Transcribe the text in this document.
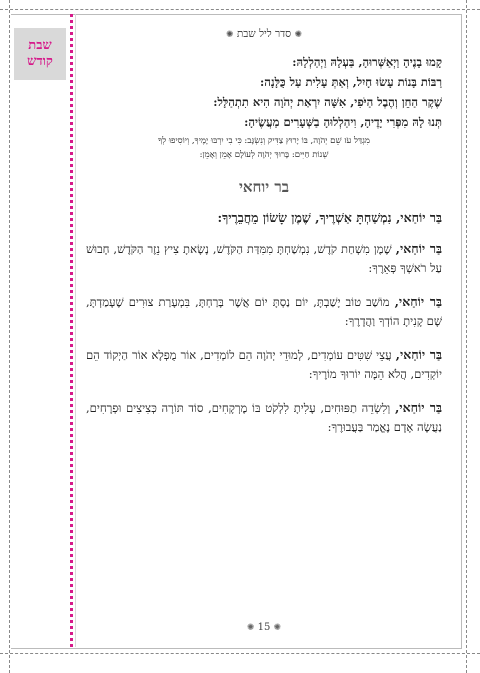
שבת
קודש
✺ סדר ליל שבת ✺

קָמוּ בָנֶיהָ וַיְאַשְּׁרוּהָ, בַּעְלָהּ וַיְהַלְלָהּ:

רַבּוֹת בָּנוֹת עָשׂוּ חָיִל, וְאַתְּ עָלִית עַל כֻּלָּנָה:

שֶׁקֶר הַחֵן וְהֶבֶל הַיֹּפִי, אִשָּׁה יִרְאַת יְהֹוָה הִיא תִתְהַלָּל:

תְּנוּ לָהּ מִפְּרִי יָדֶיהָ, וִיהַלְלוּהָ בַשְּׁעָרִים מַעֲשֶׂיהָ:

מִגְדַּל עֹז שֵׁם יְהֹוָה, בּוֹ יָרוּץ צַדִּיק וְנִשְׂגָּב: כִּי בִי יִרְבּוּ יָמֶיךָ, וְיוֹסִיפוּ לְךָ
שְׁנוֹת חַיִּים: בָּרוּךְ יְהֹוָה לְעוֹלָם אָמֵן וְאָמֵן:

בר יוחאי
בַּר יוֹחַאי, נִמְשַׁחְתָּ אַשְׁרֶיךָ, שֶׁמֶן שָׂשׂוֹן מֵחֲבֵרֶיךָ:

בַּר יוֹחַאי, שֶׁמֶן מִשְׁחַת קֹדֶשׁ, נִמְשַׁחְתָּ מִמִּדַּת הַקֹּדֶשׁ, נָשָׂאתָ צִיץ נֵזֶר הַקֹּדֶשׁ, חָבוּשׁ עַל רֹאשְׁךָ פְּאֵרֶךָ:

בַּר יוֹחַאי, מוֹשַׁב טוֹב יָשַׁבְתָּ, יוֹם נַסְתָּ יוֹם אֲשֶׁר בָּרַחְתָּ, בִּמְעָרַת צוּרִים שֶׁעָמַדְתָּ, שָׁם קָנִיתָ הוֹדְךָ וַהֲדָרֶךָ:

בַּר יוֹחַאי, עֲצֵי שִׁטִּים עוֹמְדִים, לְמוּדֵי יְהֹוָה הֵם לוֹמְדִים, אוֹר מֻפְלָא אוֹר הַיְקוֹד הֵם יוֹקְדִים, הֲלֹא הֵמָּה יוֹרוּךָ מוֹרֶיךָ:

בַּר יוֹחַאי, וְלִשְׂדֵה תַפּוּחִים, עָלִיתָ לִלְקֹט בּוֹ מֶרְקָחִים, סוֹד תּוֹרָה כְּצִיצִים וּפְרָחִים, נַעֲשֶׂה אָדָם נֶאֱמַר בַּעֲבוּרֶךָ:

✺ 15 ✺
